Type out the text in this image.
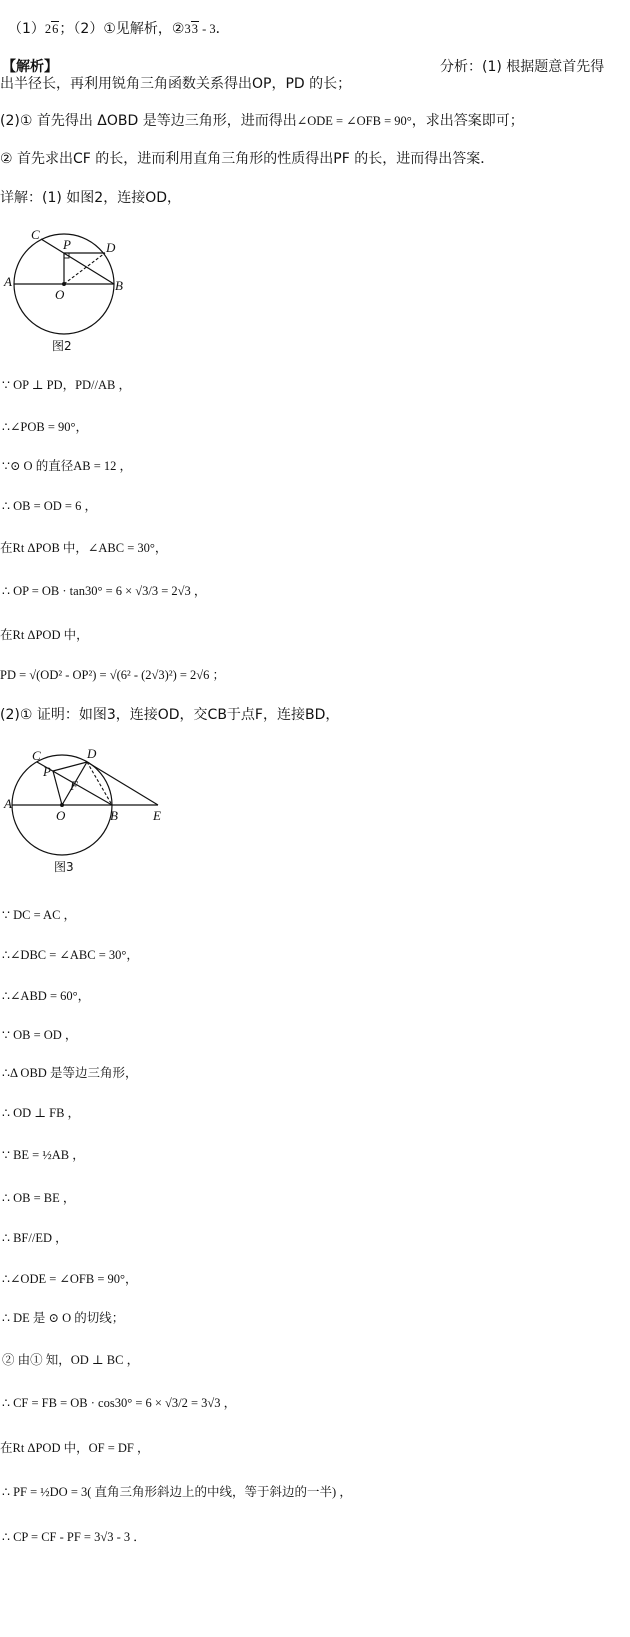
（1）26；（2）①见解析，②33 - 3．
【解析】	分析：(1) 根据题意首先得
出半径长，再利用锐角三角函数关系得出OP，PD 的长；
(2)① 首先得出 ΔOBD 是等边三角形，进而得出∠ODE = ∠OFB = 90°，求出答案即可；
② 首先求出CF 的长，进而利用直角三角形的性质得出PF 的长，进而得出答案．
详解：(1) 如图2，连接OD，
C
P	D
A	B
O
图2
∵ OP ⊥ PD，PD//AB ，
∴∠POB = 90°，
∵⊙ O 的直径AB = 12 ，
∴ OB = OD = 6 ，
在Rt ΔPOB 中，∠ABC = 30°，
∴ OP = OB · tan30° = 6 × √3/3 = 2√3 ，
在Rt ΔPOD 中，
PD = √(OD² - OP²) = √(6² - (2√3)²) = 2√6 ；
(2)① 证明：如图3，连接OD，交CB于点F，连接BD，
C	D
P
F
A
O	B	E
图3
∵ DC = AC ，
∴∠DBC = ∠ABC = 30°，
∴∠ABD = 60°，
∵ OB = OD ，
∴Δ OBD 是等边三角形，
∴ OD ⊥ FB ，
∵ BE = ½AB ，
∴ OB = BE ，
∴ BF//ED ，
∴∠ODE = ∠OFB = 90°，
∴ DE 是 ⊙ O 的切线；
② 由① 知，OD ⊥ BC ，
∴ CF = FB = OB · cos30° = 6 × √3/2 = 3√3 ，
在Rt ΔPOD 中，OF = DF ，
∴ PF = ½DO = 3( 直角三角形斜边上的中线，等于斜边的一半) ，
∴ CP = CF - PF = 3√3 - 3 ．
